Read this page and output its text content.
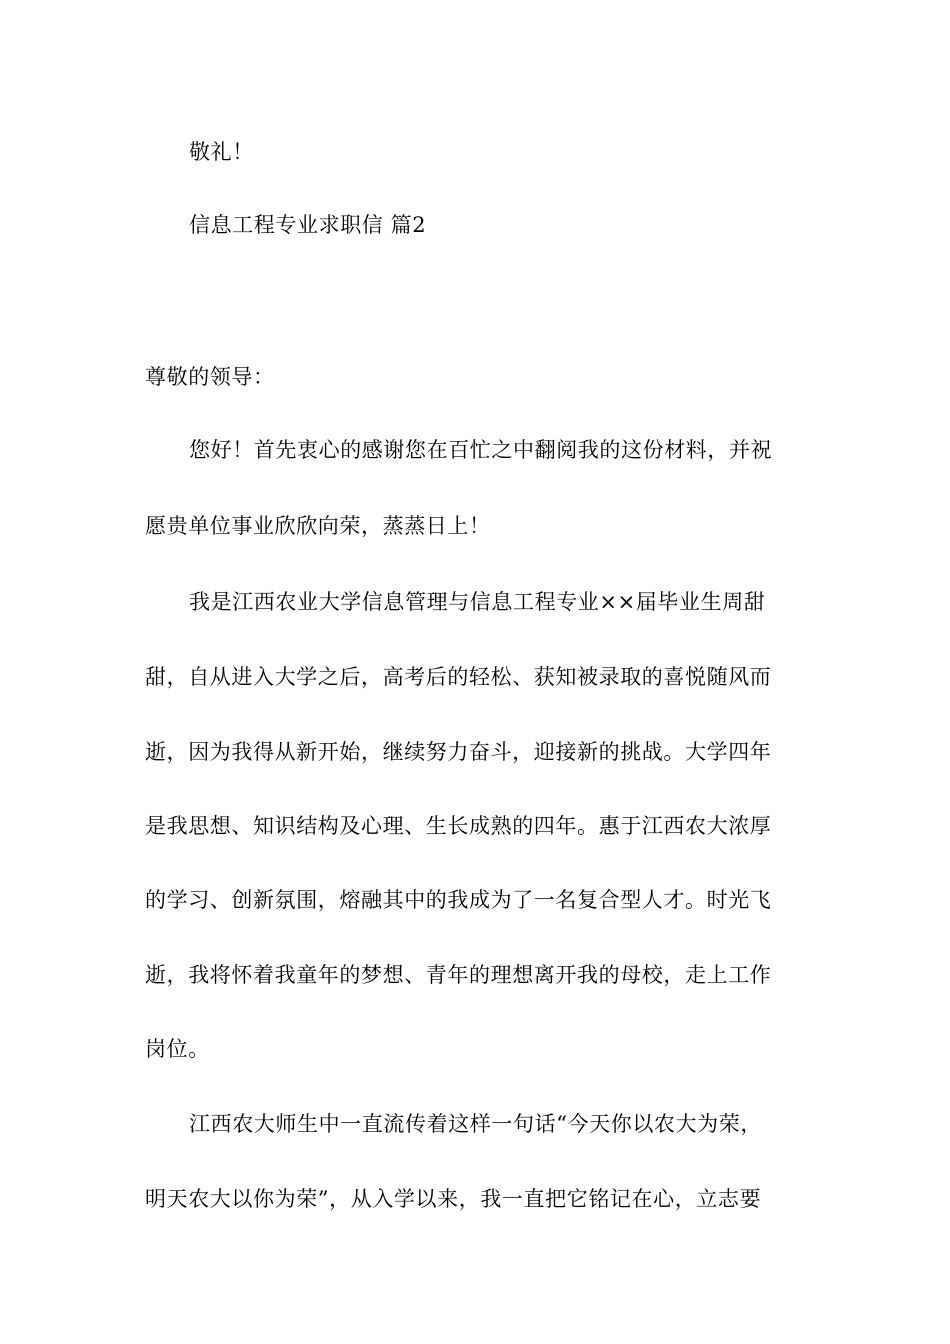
敬礼！
信息工程专业求职信 篇2
尊敬的领导：
您好！首先衷心的感谢您在百忙之中翻阅我的这份材料，并祝
愿贵单位事业欣欣向荣，蒸蒸日上！
我是江西农业大学信息管理与信息工程专业××届毕业生周甜
甜，自从进入大学之后，高考后的轻松、获知被录取的喜悦随风而
逝，因为我得从新开始，继续努力奋斗，迎接新的挑战。大学四年
是我思想、知识结构及心理、生长成熟的四年。惠于江西农大浓厚
的学习、创新氛围，熔融其中的我成为了一名复合型人才。时光飞
逝，我将怀着我童年的梦想、青年的理想离开我的母校，走上工作
岗位。
江西农大师生中一直流传着这样一句话“今天你以农大为荣，
明天农大以你为荣”，从入学以来，我一直把它铭记在心，立志要
